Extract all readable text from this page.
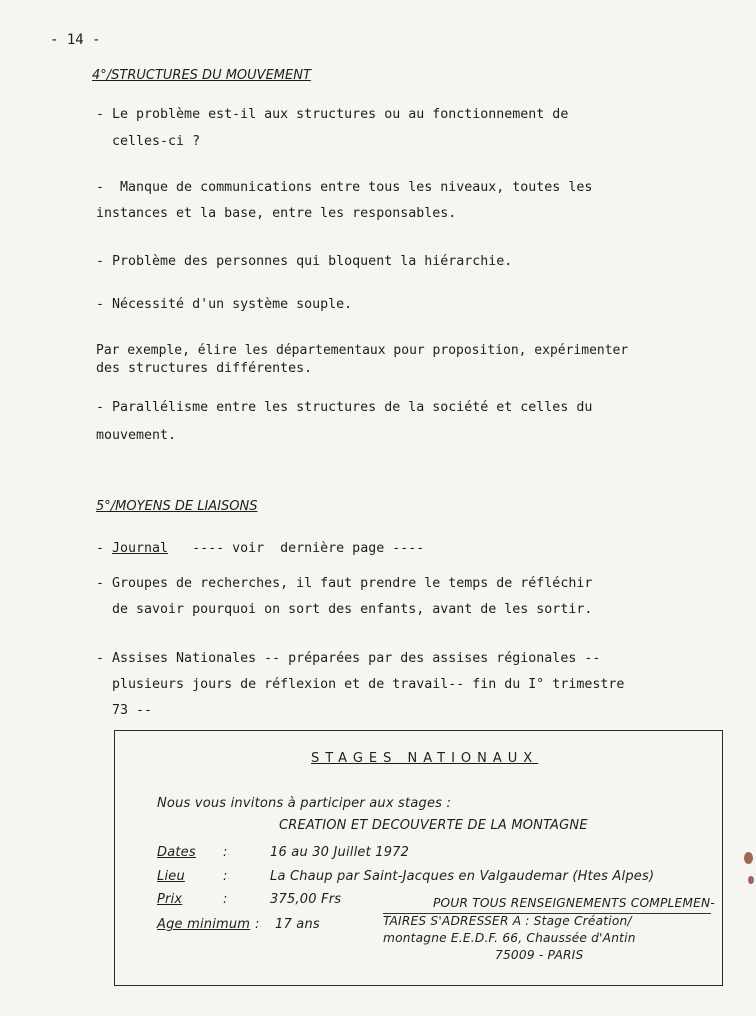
- 14 -
4°/STRUCTURES DU MOUVEMENT
- Le problème est-il aux structures ou au fonctionnement de
celles-ci ?
-  Manque de communications entre tous les niveaux, toutes les
instances et la base, entre les responsables.
- Problème des personnes qui bloquent la hiérarchie.
- Nécessité d'un système souple.
Par exemple, élire les départementaux pour proposition, expérimenter
des structures différentes.
- Parallélisme entre les structures de la société et celles du
mouvement.
5°/MOYENS DE LIAISONS
- Journal   ---- voir  dernière page ----
- Groupes de recherches, il faut prendre le temps de réfléchir
de savoir pourquoi on sort des enfants, avant de les sortir.
- Assises Nationales -- préparées par des assises régionales --
plusieurs jours de réflexion et de travail-- fin du I° trimestre
73 --
STAGES NATIONAUX
Nous vous invitons à participer aux stages :
CREATION ET DECOUVERTE DE LA MONTAGNE
Dates :	16 au 30 Juillet 1972
Lieu	:	La Chaup par Saint-Jacques en Valgaudemar (Htes Alpes)
Prix	:	375,00 Frs
Age minimum : 17 ans
POUR TOUS RENSEIGNEMENTS COMPLEMEN-
TAIRES S'ADRESSER A : Stage Création/
montagne E.E.D.F. 66, Chaussée d'Antin
75009 - PARIS
